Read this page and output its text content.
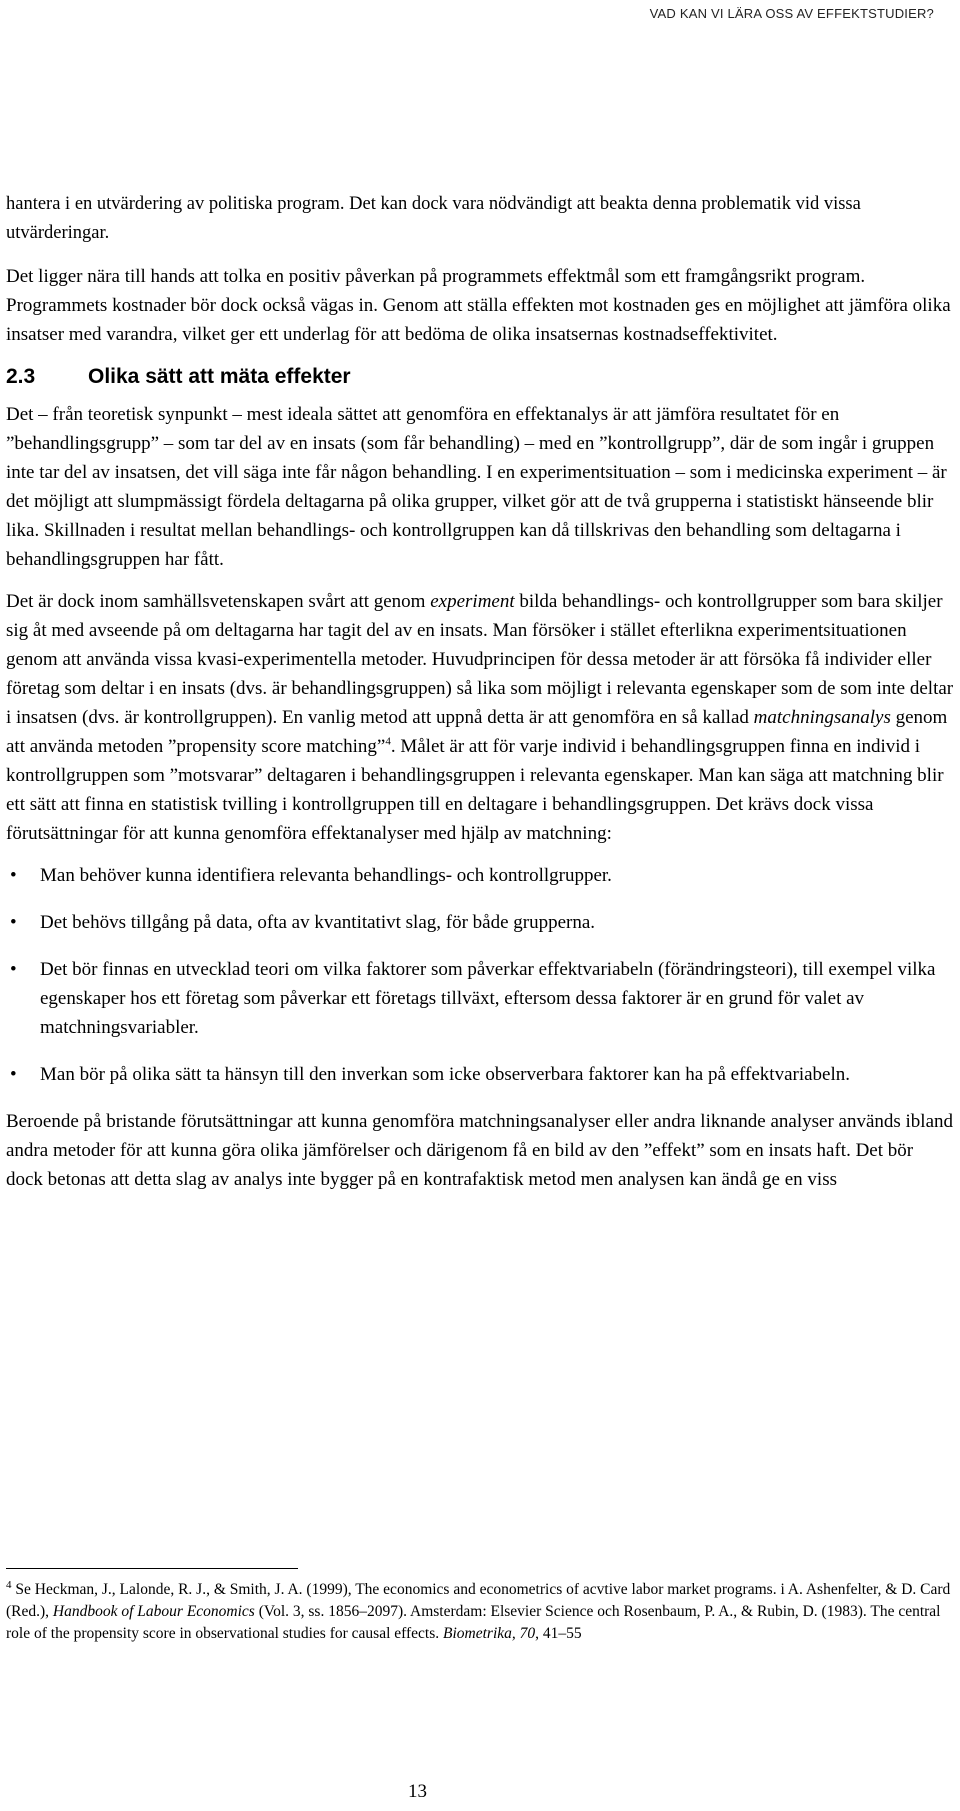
VAD KAN VI LÄRA OSS AV EFFEKTSTUDIER?

hantera i en utvärdering av politiska program. Det kan dock vara nödvändigt att beakta denna problematik vid vissa utvärderingar.

Det ligger nära till hands att tolka en positiv påverkan på programmets effektmål som ett framgångsrikt program. Programmets kostnader bör dock också vägas in. Genom att ställa effekten mot kostnaden ges en möjlighet att jämföra olika insatser med varandra, vilket ger ett underlag för att bedöma de olika insatsernas kostnadseffektivitet.

2.3	Olika sätt att mäta effekter

Det – från teoretisk synpunkt – mest ideala sättet att genomföra en effektanalys är att jämföra resultatet för en ”behandlingsgrupp” – som tar del av en insats (som får behandling) – med en ”kontrollgrupp”, där de som ingår i gruppen inte tar del av insatsen, det vill säga inte får någon behandling. I en experimentsituation – som i medicinska experiment – är det möjligt att slumpmässigt fördela deltagarna på olika grupper, vilket gör att de två grupperna i statistiskt hänseende blir lika. Skillnaden i resultat mellan behandlings- och kontrollgruppen kan då tillskrivas den behandling som deltagarna i behandlingsgruppen har fått.

Det är dock inom samhällsvetenskapen svårt att genom experiment bilda behandlings- och kontrollgrupper som bara skiljer sig åt med avseende på om deltagarna har tagit del av en insats. Man försöker i stället efterlikna experimentsituationen genom att använda vissa kvasi-experimentella metoder. Huvudprincipen för dessa metoder är att försöka få individer eller företag som deltar i en insats (dvs. är behandlingsgruppen) så lika som möjligt i relevanta egenskaper som de som inte deltar i insatsen (dvs. är kontrollgruppen). En vanlig metod att uppnå detta är att genomföra en så kallad matchningsanalys genom att använda metoden ”propensity score matching”$^4$. Målet är att för varje individ i behandlingsgruppen finna en individ i kontrollgruppen som ”motsvarar” deltagaren i behandlingsgruppen i relevanta egenskaper. Man kan säga att matchning blir ett sätt att finna en statistisk tvilling i kontrollgruppen till en deltagare i behandlingsgruppen. Det krävs dock vissa förutsättningar för att kunna genomföra effektanalyser med hjälp av matchning:

• Man behöver kunna identifiera relevanta behandlings- och kontrollgrupper.
• Det behövs tillgång på data, ofta av kvantitativt slag, för både grupperna.
• Det bör finnas en utvecklad teori om vilka faktorer som påverkar effektvariabeln (förändringsteori), till exempel vilka egenskaper hos ett företag som påverkar ett företags tillväxt, eftersom dessa faktorer är en grund för valet av matchningsvariabler.
• Man bör på olika sätt ta hänsyn till den inverkan som icke observerbara faktorer kan ha på effektvariabeln.

Beroende på bristande förutsättningar att kunna genomföra matchningsanalyser eller andra liknande analyser används ibland andra metoder för att kunna göra olika jämförelser och därigenom få en bild av den ”effekt” som en insats haft. Det bör dock betonas att detta slag av analys inte bygger på en kontrafaktisk metod men analysen kan ändå ge en viss

$^4$ Se Heckman, J., Lalonde, R. J., & Smith, J. A. (1999), The economics and econometrics of acvtive labor market programs. i A. Ashenfelter, & D. Card (Red.), Handbook of Labour Economics (Vol. 3, ss. 1856–2097). Amsterdam: Elsevier Science och Rosenbaum, P. A., & Rubin, D. (1983). The central role of the propensity score in observational studies for causal effects. Biometrika, 70, 41–55
13
